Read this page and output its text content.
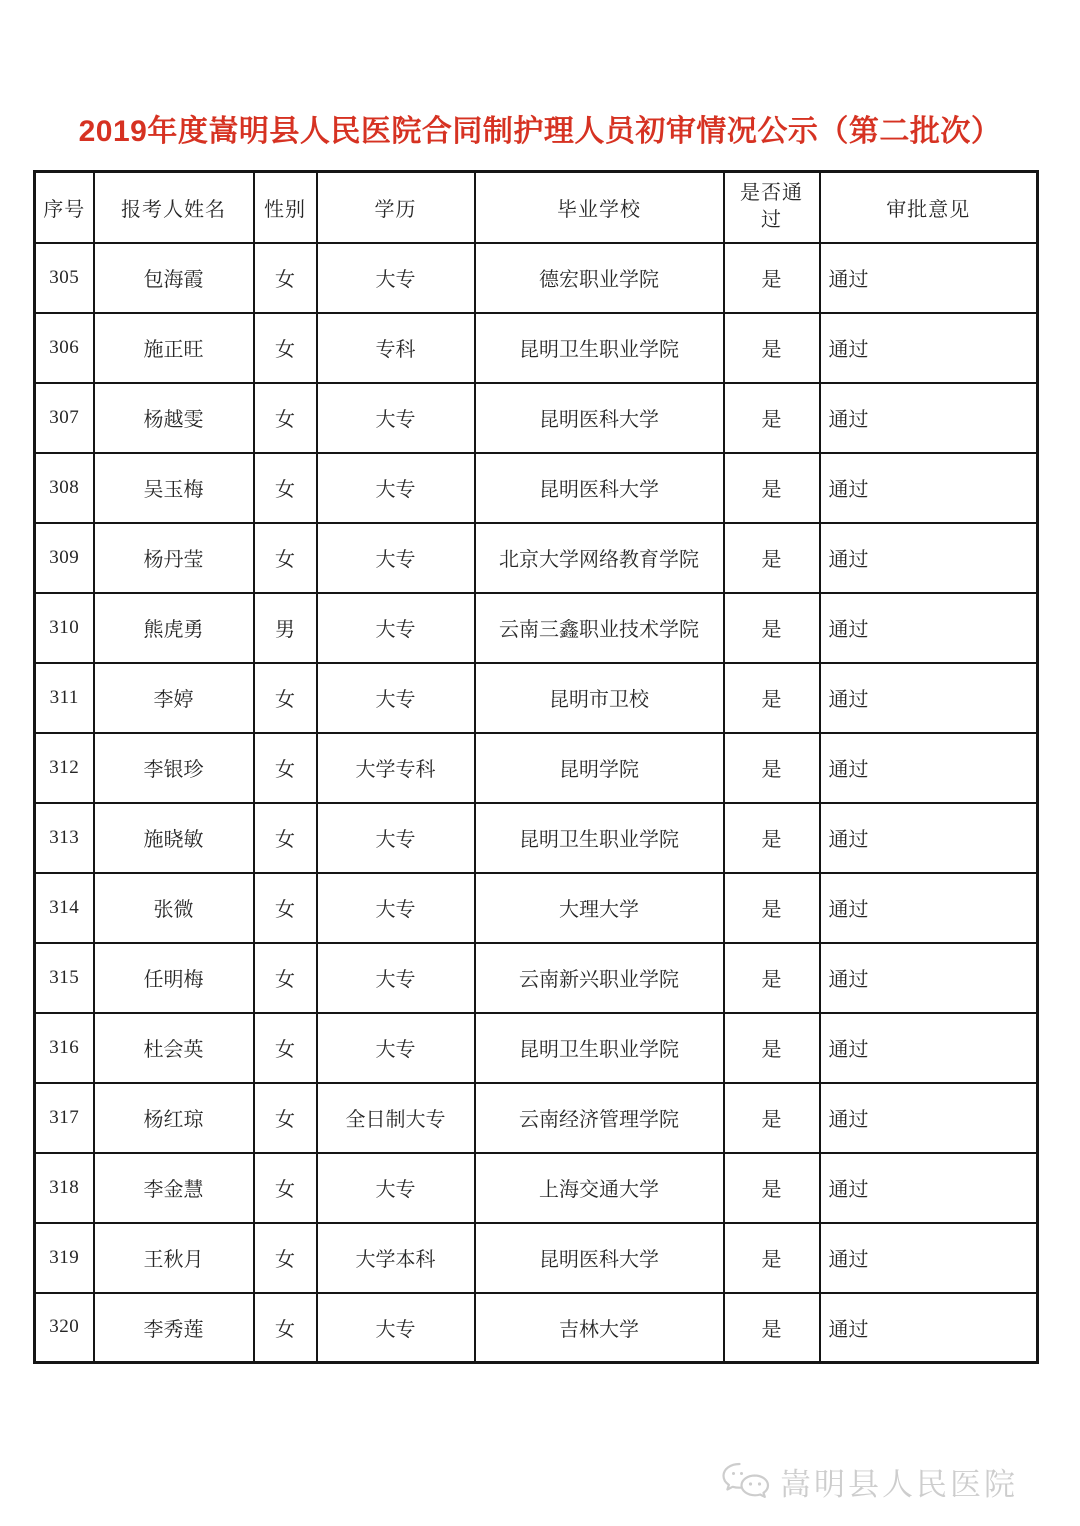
2019年度嵩明县人民医院合同制护理人员初审情况公示（第二批次）
序号	报考人姓名	性别	学历	毕业学校	是否通过	审批意见
305	包海霞	女	大专	德宏职业学院	是	通过
306	施正旺	女	专科	昆明卫生职业学院	是	通过
307	杨越雯	女	大专	昆明医科大学	是	通过
308	吴玉梅	女	大专	昆明医科大学	是	通过
309	杨丹莹	女	大专	北京大学网络教育学院	是	通过
310	熊虎勇	男	大专	云南三鑫职业技术学院	是	通过
311	李婷	女	大专	昆明市卫校	是	通过
312	李银珍	女	大学专科	昆明学院	是	通过
313	施晓敏	女	大专	昆明卫生职业学院	是	通过
314	张微	女	大专	大理大学	是	通过
315	任明梅	女	大专	云南新兴职业学院	是	通过
316	杜会英	女	大专	昆明卫生职业学院	是	通过
317	杨红琼	女	全日制大专	云南经济管理学院	是	通过
318	李金慧	女	大专	上海交通大学	是	通过
319	王秋月	女	大学本科	昆明医科大学	是	通过
320	李秀莲	女	大专	吉林大学	是	通过
嵩明县人民医院
